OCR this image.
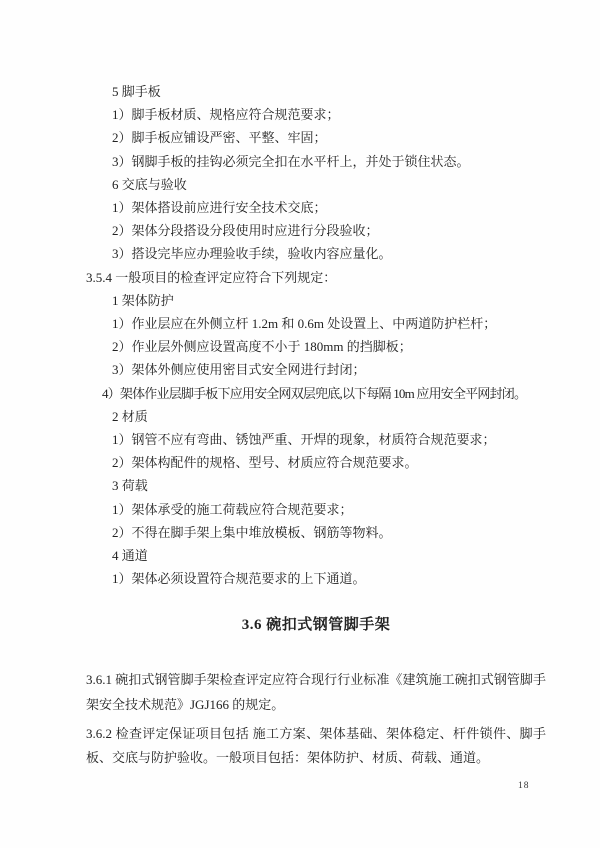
5 脚手板
1）脚手板材质、规格应符合规范要求；
2）脚手板应铺设严密、平整、牢固；
3）钢脚手板的挂钩必须完全扣在水平杆上，并处于锁住状态。
6 交底与验收
1）架体搭设前应进行安全技术交底；
2）架体分段搭设分段使用时应进行分段验收；
3）搭设完毕应办理验收手续，验收内容应量化。
3.5.4 一般项目的检查评定应符合下列规定：
1 架体防护
1）作业层应在外侧立杆 1.2m 和 0.6m 处设置上、中两道防护栏杆；
2）作业层外侧应设置高度不小于 180mm 的挡脚板；
3）架体外侧应使用密目式安全网进行封闭；
4）架体作业层脚手板下应用安全网双层兜底,以下每隔 10m 应用安全平网封闭。
2 材质
1）钢管不应有弯曲、锈蚀严重、开焊的现象，材质符合规范要求；
2）架体构配件的规格、型号、材质应符合规范要求。
3 荷载
1）架体承受的施工荷载应符合规范要求；
2）不得在脚手架上集中堆放模板、钢筋等物料。
4 通道
1）架体必须设置符合规范要求的上下通道。
3.6 碗扣式钢管脚手架
3.6.1 碗扣式钢管脚手架检查评定应符合现行行业标准《建筑施工碗扣式钢管脚手架安全技术规范》JGJ166 的规定。
3.6.2 检查评定保证项目包括 施工方案、架体基础、架体稳定、杆件锁件、脚手板、交底与防护验收。一般项目包括：架体防护、材质、荷载、通道。
18
